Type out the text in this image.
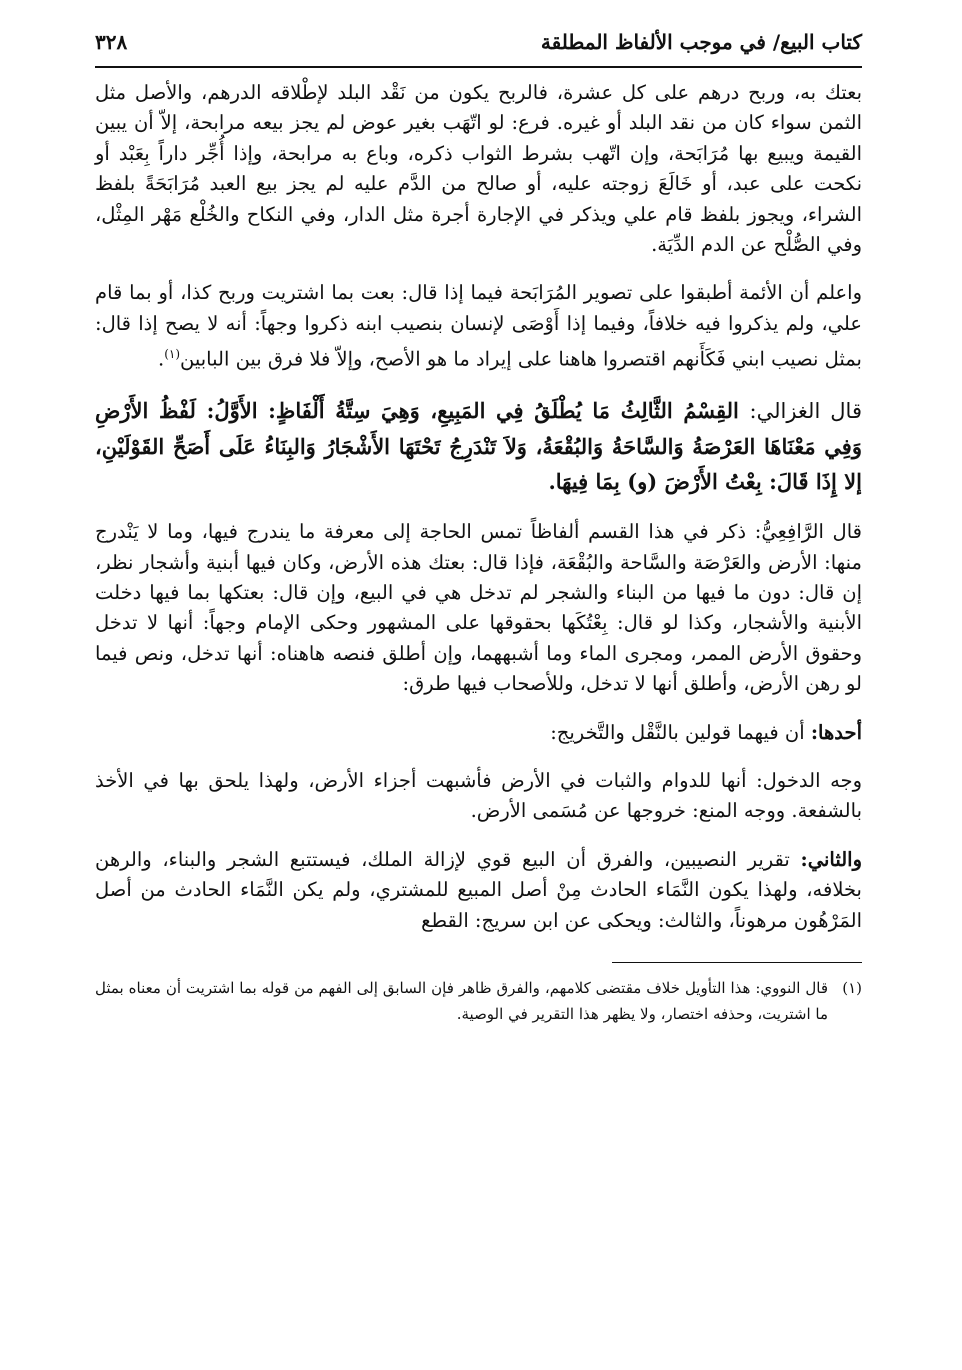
كتاب البيع/ في موجب الألفاظ المطلقة
٣٢٨

بعتك به، وربح درهم على كل عشرة، فالربح يكون من نَقْد البلد لإطْلاقه الدرهم، والأصل مثل الثمن سواء كان من نقد البلد أو غيره. فرع: لو اتّهَب بغير عوض لم يجز بيعه مرابحة، إلاّ أن يبين القيمة ويبيع بها مُرَابَحة، وإن اتّهب بشرط الثواب ذكره، وباع به مرابحة، وإذا أُجِّر داراً بِعَبْد أو نكحت على عبد، أو خَالَعَ زوجته عليه، أو صالح من الدَّم عليه لم يجز بيع العبد مُرَابَحَةً بلفظ الشراء، ويجوز بلفظ قام علي ويذكر في الإجارة أجرة مثل الدار، وفي النكاح والخُلْع مَهْر المِثْل، وفي الصُّلْح عن الدم الدِّيَة.

واعلم أن الأئمة أطبقوا على تصوير المُرَابَحة فيما إذا قال: بعت بما اشتريت وربح كذا، أو بما قام علي، ولم يذكروا فيه خلافاً، وفيما إذا أَوْصَى لإنسان بنصيب ابنه ذكروا وجهاً: أنه لا يصح إذا قال: بمثل نصيب ابني فَكَأَنهم اقتصروا هاهنا على إيراد ما هو الأصح، وإلاّ فلا فرق بين البابين$^{(١)}$.

قال الغزالي: القِسْمُ الثَّالِثُ مَا يُطْلَقُ فِي المَبِيعِ، وَهِيَ سِتَّةُ أَلْفَاظٍ: الأَوَّلُ: لَفْظُ الأَرْضِ وَفِي مَعْنَاهَا العَرْصَةُ وَالسَّاحَةُ وَالبُقْعَةُ، وَلاَ تَنْدَرِجُ تَحْتَهَا الأَشْجَارُ وَالبِنَاءُ عَلَى أَصَحِّ القَوْلَيْنِ، إلا إِذَا قَالَ: بِعْتُ الأَرْضَ (و) بِمَا فِيهَا.

قال الرَّافِعِيُّ: ذكر في هذا القسم ألفاظاً تمس الحاجة إلى معرفة ما يندرج فيها، وما لا يَنْدرج منها: الأرض والعَرْصَة والسَّاحة والبُقْعَة، فإذا قال: بعتك هذه الأرض، وكان فيها أبنية وأشجار نظر، إن قال: دون ما فيها من البناء والشجر لم تدخل هي في البيع، وإن قال: بعتكها بما فيها دخلت الأبنية والأشجار، وكذا لو قال: بِعْتُكَها بحقوقها على المشهور وحكى الإمام وجهاً: أنها لا تدخل وحقوق الأرض الممر، ومجرى الماء وما أشبههما، وإن أطلق فنصه هاهناه: أنها تدخل، ونص فيما لو رهن الأرض، وأطلق أنها لا تدخل، وللأصحاب فيها طرق:

أحدها: أن فيهما قولين بالنَّقْل والتَّخريج:

وجه الدخول: أنها للدوام والثبات في الأرض فأشبهت أجزاء الأرض، ولهذا يلحق بها في الأخذ بالشفعة. ووجه المنع: خروجها عن مُسَمى الأرض.

والثاني: تقرير النصيبين، والفرق أن البيع قوي لإزالة الملك، فيستتبع الشجر والبناء، والرهن بخلافه، ولهذا يكون النَّمَاء الحادث مِنْ أصل المبيع للمشتري، ولم يكن النَّمَاء الحادث من أصل المَرْهُون مرهوناً، والثالث: ويحكى عن ابن سريج: القطع

(١)
قال النووي: هذا التأويل خلاف مقتضى كلامهم، والفرق ظاهر فإن السابق إلى الفهم من قوله بما اشتريت أن معناه بمثل ما اشتريت، وحذفه اختصار، ولا يظهر هذا التقرير في الوصية.
